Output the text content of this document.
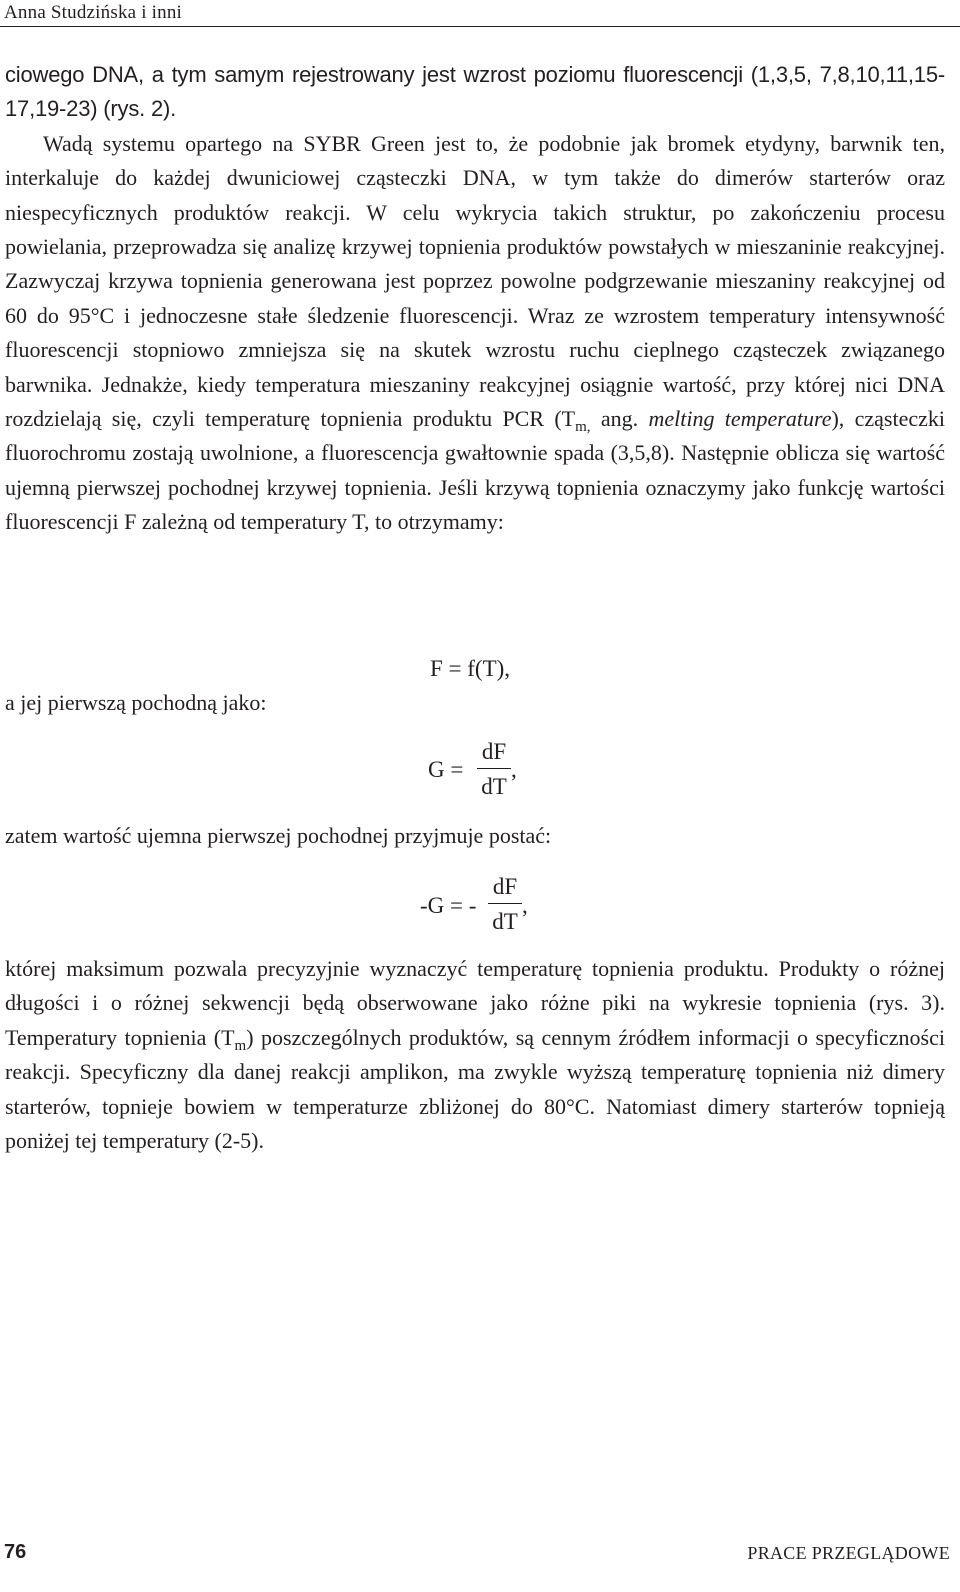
Anna Studzińska i inni

ciowego DNA, a tym samym rejestrowany jest wzrost poziomu fluorescencji (1,3,5, 7,8,10,11,15-17,19-23) (rys. 2).

Wadą systemu opartego na SYBR Green jest to, że podobnie jak bromek etydyny, barwnik ten, interkaluje do każdej dwuniciowej cząsteczki DNA, w tym także do dimerów starterów oraz niespecyficznych produktów reakcji. W celu wykrycia takich struktur, po zakończeniu procesu powielania, przeprowadza się analizę krzywej topnienia produktów powstałych w mieszaninie reakcyjnej. Zazwyczaj krzywa topnienia generowana jest poprzez powolne podgrzewanie mieszaniny reakcyjnej od 60 do 95°C i jednoczesne stałe śledzenie fluorescencji. Wraz ze wzrostem temperatury intensywność fluorescencji stopniowo zmniejsza się na skutek wzrostu ruchu cieplnego cząsteczek związanego barwnika. Jednakże, kiedy temperatura mieszaniny reakcyjnej osiągnie wartość, przy której nici DNA rozdzielają się, czyli temperaturę topnienia produktu PCR ($T_{m,}$ ang. melting temperature), cząsteczki fluorochromu zostają uwolnione, a fluorescencja gwałtownie spada (3,5,8). Następnie oblicza się wartość ujemną pierwszej pochodnej krzywej topnienia. Jeśli krzywą topnienia oznaczymy jako funkcję wartości fluorescencji F zależną od temperatury T, to otrzymamy:

F = f(T),

a jej pierwszą pochodną jako:

G =
dF
dT
,

zatem wartość ujemna pierwszej pochodnej przyjmuje postać:

-G = -
dF
dT
,

której maksimum pozwala precyzyjnie wyznaczyć temperaturę topnienia produktu. Produkty o różnej długości i o różnej sekwencji będą obserwowane jako różne piki na wykresie topnienia (rys. 3). Temperatury topnienia $(T_m)$ poszczególnych produktów, są cennym źródłem informacji o specyficzności reakcji. Specyficzny dla danej reakcji amplikon, ma zwykle wyższą temperaturę topnienia niż dimery starterów, topnieje bowiem w temperaturze zbliżonej do 80°C. Natomiast dimery starterów topnieją poniżej tej temperatury (2-5).

76	PRACE PRZEGLĄDOWE
